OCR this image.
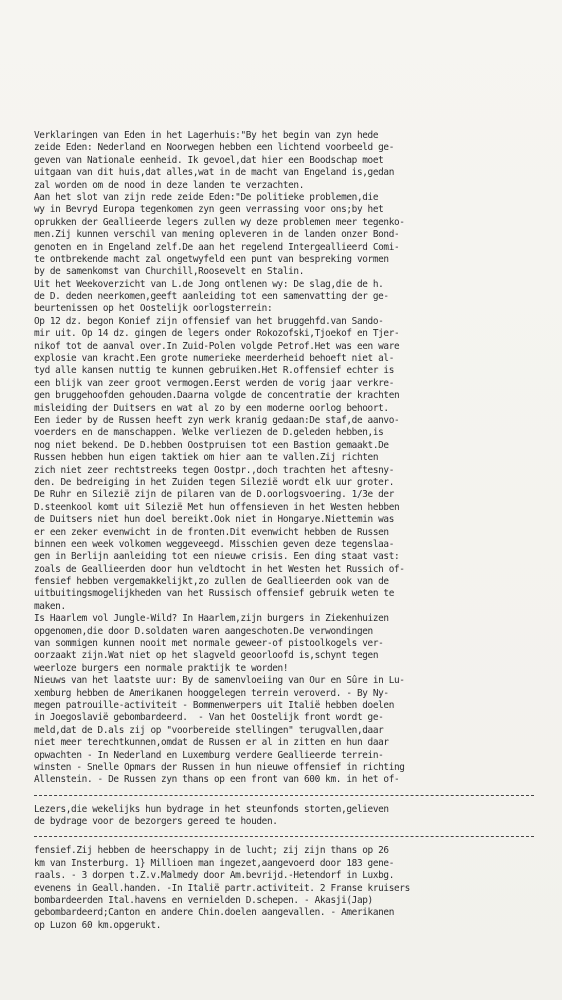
Verklaringen van Eden in het Lagerhuis:"By het begin van zyn hede
zeide Eden: Nederland en Noorwegen hebben een lichtend voorbeeld ge-
geven van Nationale eenheid. Ik gevoel,dat hier een Boodschap moet
uitgaan van dit huis,dat alles,wat in de macht van Engeland is,gedan
zal worden om de nood in deze landen te verzachten.
Aan het slot van zijn rede zeide Eden:"De politieke problemen,die
wy in Bevryd Europa tegenkomen zyn geen verrassing voor ons;by het
oprukken der Geallieerde legers zullen wy deze problemen meer tegenko-
men.Zij kunnen verschil van mening opleveren in de landen onzer Bond-
genoten en in Engeland zelf.De aan het regelend Intergeallieerd Comi-
te ontbrekende macht zal ongetwyfeld een punt van bespreking vormen
by de samenkomst van Churchill,Roosevelt en Stalin.
Uit het Weekoverzicht van L.de Jong ontlenen wy: De slag,die de h.
de D. deden neerkomen,geeft aanleiding tot een samenvatting der ge-
beurtenissen op het Oostelijk oorlogsterrein:
Op 12 dz. begon Konief zijn offensief van het bruggehfd.van Sando-
mir uit. Op 14 dz. gingen de legers onder Rokozofski,Tjoekof en Tjer-
nikof tot de aanval over.In Zuid-Polen volgde Petrof.Het was een ware
explosie van kracht.Een grote numerieke meerderheid behoeft niet al-
tyd alle kansen nuttig te kunnen gebruiken.Het R.offensief echter is
een blijk van zeer groot vermogen.Eerst werden de vorig jaar verkre-
gen bruggehoofden gehouden.Daarna volgde de concentratie der krachten
misleiding der Duitsers en wat al zo by een moderne oorlog behoort.
Een ieder by de Russen heeft zyn werk kranig gedaan:De staf,de aanvo-
voerders en de manschappen. Welke verliezen de D.geleden hebben,is
nog niet bekend. De D.hebben Oostpruisen tot een Bastion gemaakt.De
Russen hebben hun eigen taktiek om hier aan te vallen.Zij richten
zich niet zeer rechtstreeks tegen Oostpr.,doch trachten het aftesny-
den. De bedreiging in het Zuiden tegen Silezië wordt elk uur groter.
De Ruhr en Silezië zijn de pilaren van de D.oorlogsvoering. 1/3e der
D.steenkool komt uit Silezië Met hun offensieven in het Westen hebben
de Duitsers niet hun doel bereikt.Ook niet in Hongarye.Niettemin was
er een zeker evenwicht in de fronten.Dit evenwicht hebben de Russen
binnen een week volkomen weggeveegd. Misschien geven deze tegenslaa-
gen in Berlijn aanleiding tot een nieuwe crisis. Een ding staat vast:
zoals de Geallieerden door hun veldtocht in het Westen het Russich of-
fensief hebben vergemakkelijkt,zo zullen de Geallieerden ook van de
uitbuitingsmogelijkheden van het Russisch offensief gebruik weten te
maken.
Is Haarlem vol Jungle-Wild? In Haarlem,zijn burgers in Ziekenhuizen
opgenomen,die door D.soldaten waren aangeschoten.De verwondingen
van sommigen kunnen nooit met normale geweer-of pistoolkogels ver-
oorzaakt zijn.Wat niet op het slagveld geoorloofd is,schynt tegen
weerloze burgers een normale praktijk te worden!
Nieuws van het laatste uur: By de samenvloeiing van Our en Sûre in Lu-
xemburg hebben de Amerikanen hooggelegen terrein veroverd. - By Ny-
megen patrouille-activiteit - Bommenwerpers uit Italië hebben doelen
in Joegoslavië gebombardeerd.  - Van het Oostelijk front wordt ge-
meld,dat de D.als zij op "voorbereide stellingen" terugvallen,daar
niet meer terechtkunnen,omdat de Russen er al in zitten en hun daar
opwachten - In Nederland en Luxemburg verdere Geallieerde terrein-
winsten - Snelle Opmars der Russen in hun nieuwe offensief in richting
Allenstein. - De Russen zyn thans op een front van 600 km. in het of-
Lezers,die wekelijks hun bydrage in het steunfonds storten,gelieven
de bydrage voor de bezorgers gereed te houden.
fensief.Zij hebben de heerschappy in de lucht; zij zijn thans op 26
km van Insterburg. 1} Millioen man ingezet,aangevoerd door 183 gene-
raals. - 3 dorpen t.Z.v.Malmedy door Am.bevrijd.-Hetendorf in Luxbg.
evenens in Geall.handen. -In Italië partr.activiteit. 2 Franse kruisers
bombardeerden Ital.havens en vernielden D.schepen. - Akasji(Jap)
gebombardeerd;Canton en andere Chin.doelen aangevallen. - Amerikanen
op Luzon 60 km.opgerukt.
